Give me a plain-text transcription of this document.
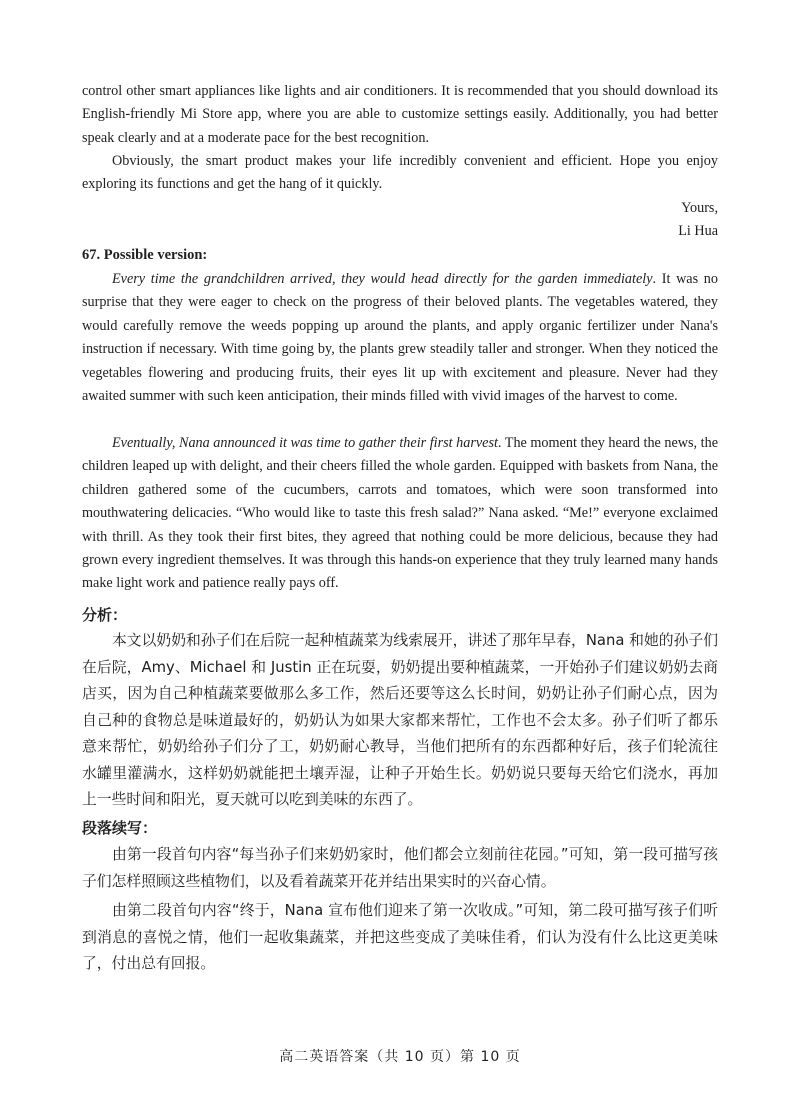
control other smart appliances like lights and air conditioners. It is recommended that you should download its English-friendly Mi Store app, where you are able to customize settings easily. Additionally, you had better speak clearly and at a moderate pace for the best recognition.

Obviously, the smart product makes your life incredibly convenient and efficient. Hope you enjoy exploring its functions and get the hang of it quickly.

Yours,

Li Hua

67. Possible version:

Every time the grandchildren arrived, they would head directly for the garden immediately. It was no surprise that they were eager to check on the progress of their beloved plants. The vegetables watered, they would carefully remove the weeds popping up around the plants, and apply organic fertilizer under Nana's instruction if necessary. With time going by, the plants grew steadily taller and stronger. When they noticed the vegetables flowering and producing fruits, their eyes lit up with excitement and pleasure. Never had they awaited summer with such keen anticipation, their minds filled with vivid images of the harvest to come.

Eventually, Nana announced it was time to gather their first harvest. The moment they heard the news, the children leaped up with delight, and their cheers filled the whole garden. Equipped with baskets from Nana, the children gathered some of the cucumbers, carrots and tomatoes, which were soon transformed into mouthwatering delicacies. “Who would like to taste this fresh salad?” Nana asked. “Me!” everyone exclaimed with thrill. As they took their first bites, they agreed that nothing could be more delicious, because they had grown every ingredient themselves. It was through this hands-on experience that they truly learned many hands make light work and patience really pays off.

分析：

本文以奶奶和孙子们在后院一起种植蔬菜为线索展开，讲述了那年早春，Nana 和她的孙子们在后院，Amy、Michael 和 Justin 正在玩耍，奶奶提出要种植蔬菜，一开始孙子们建议奶奶去商店买，因为自己种植蔬菜要做那么多工作，然后还要等这么长时间，奶奶让孙子们耐心点，因为自己种的食物总是味道最好的，奶奶认为如果大家都来帮忙，工作也不会太多。孙子们听了都乐意来帮忙，奶奶给孙子们分了工，奶奶耐心教导，当他们把所有的东西都种好后，孩子们轮流往水罐里灌满水，这样奶奶就能把土壤弄湿，让种子开始生长。奶奶说只要每天给它们浇水，再加上一些时间和阳光，夏天就可以吃到美味的东西了。

段落续写：

由第一段首句内容“每当孙子们来奶奶家时，他们都会立刻前往花园。”可知，第一段可描写孩子们怎样照顾这些植物们，以及看着蔬菜开花并结出果实时的兴奋心情。

由第二段首句内容“终于，Nana 宣布他们迎来了第一次收成。”可知，第二段可描写孩子们听到消息的喜悦之情，他们一起收集蔬菜，并把这些变成了美味佳肴，们认为没有什么比这更美味了，付出总有回报。

高二英语答案（共 10 页）第 10 页
